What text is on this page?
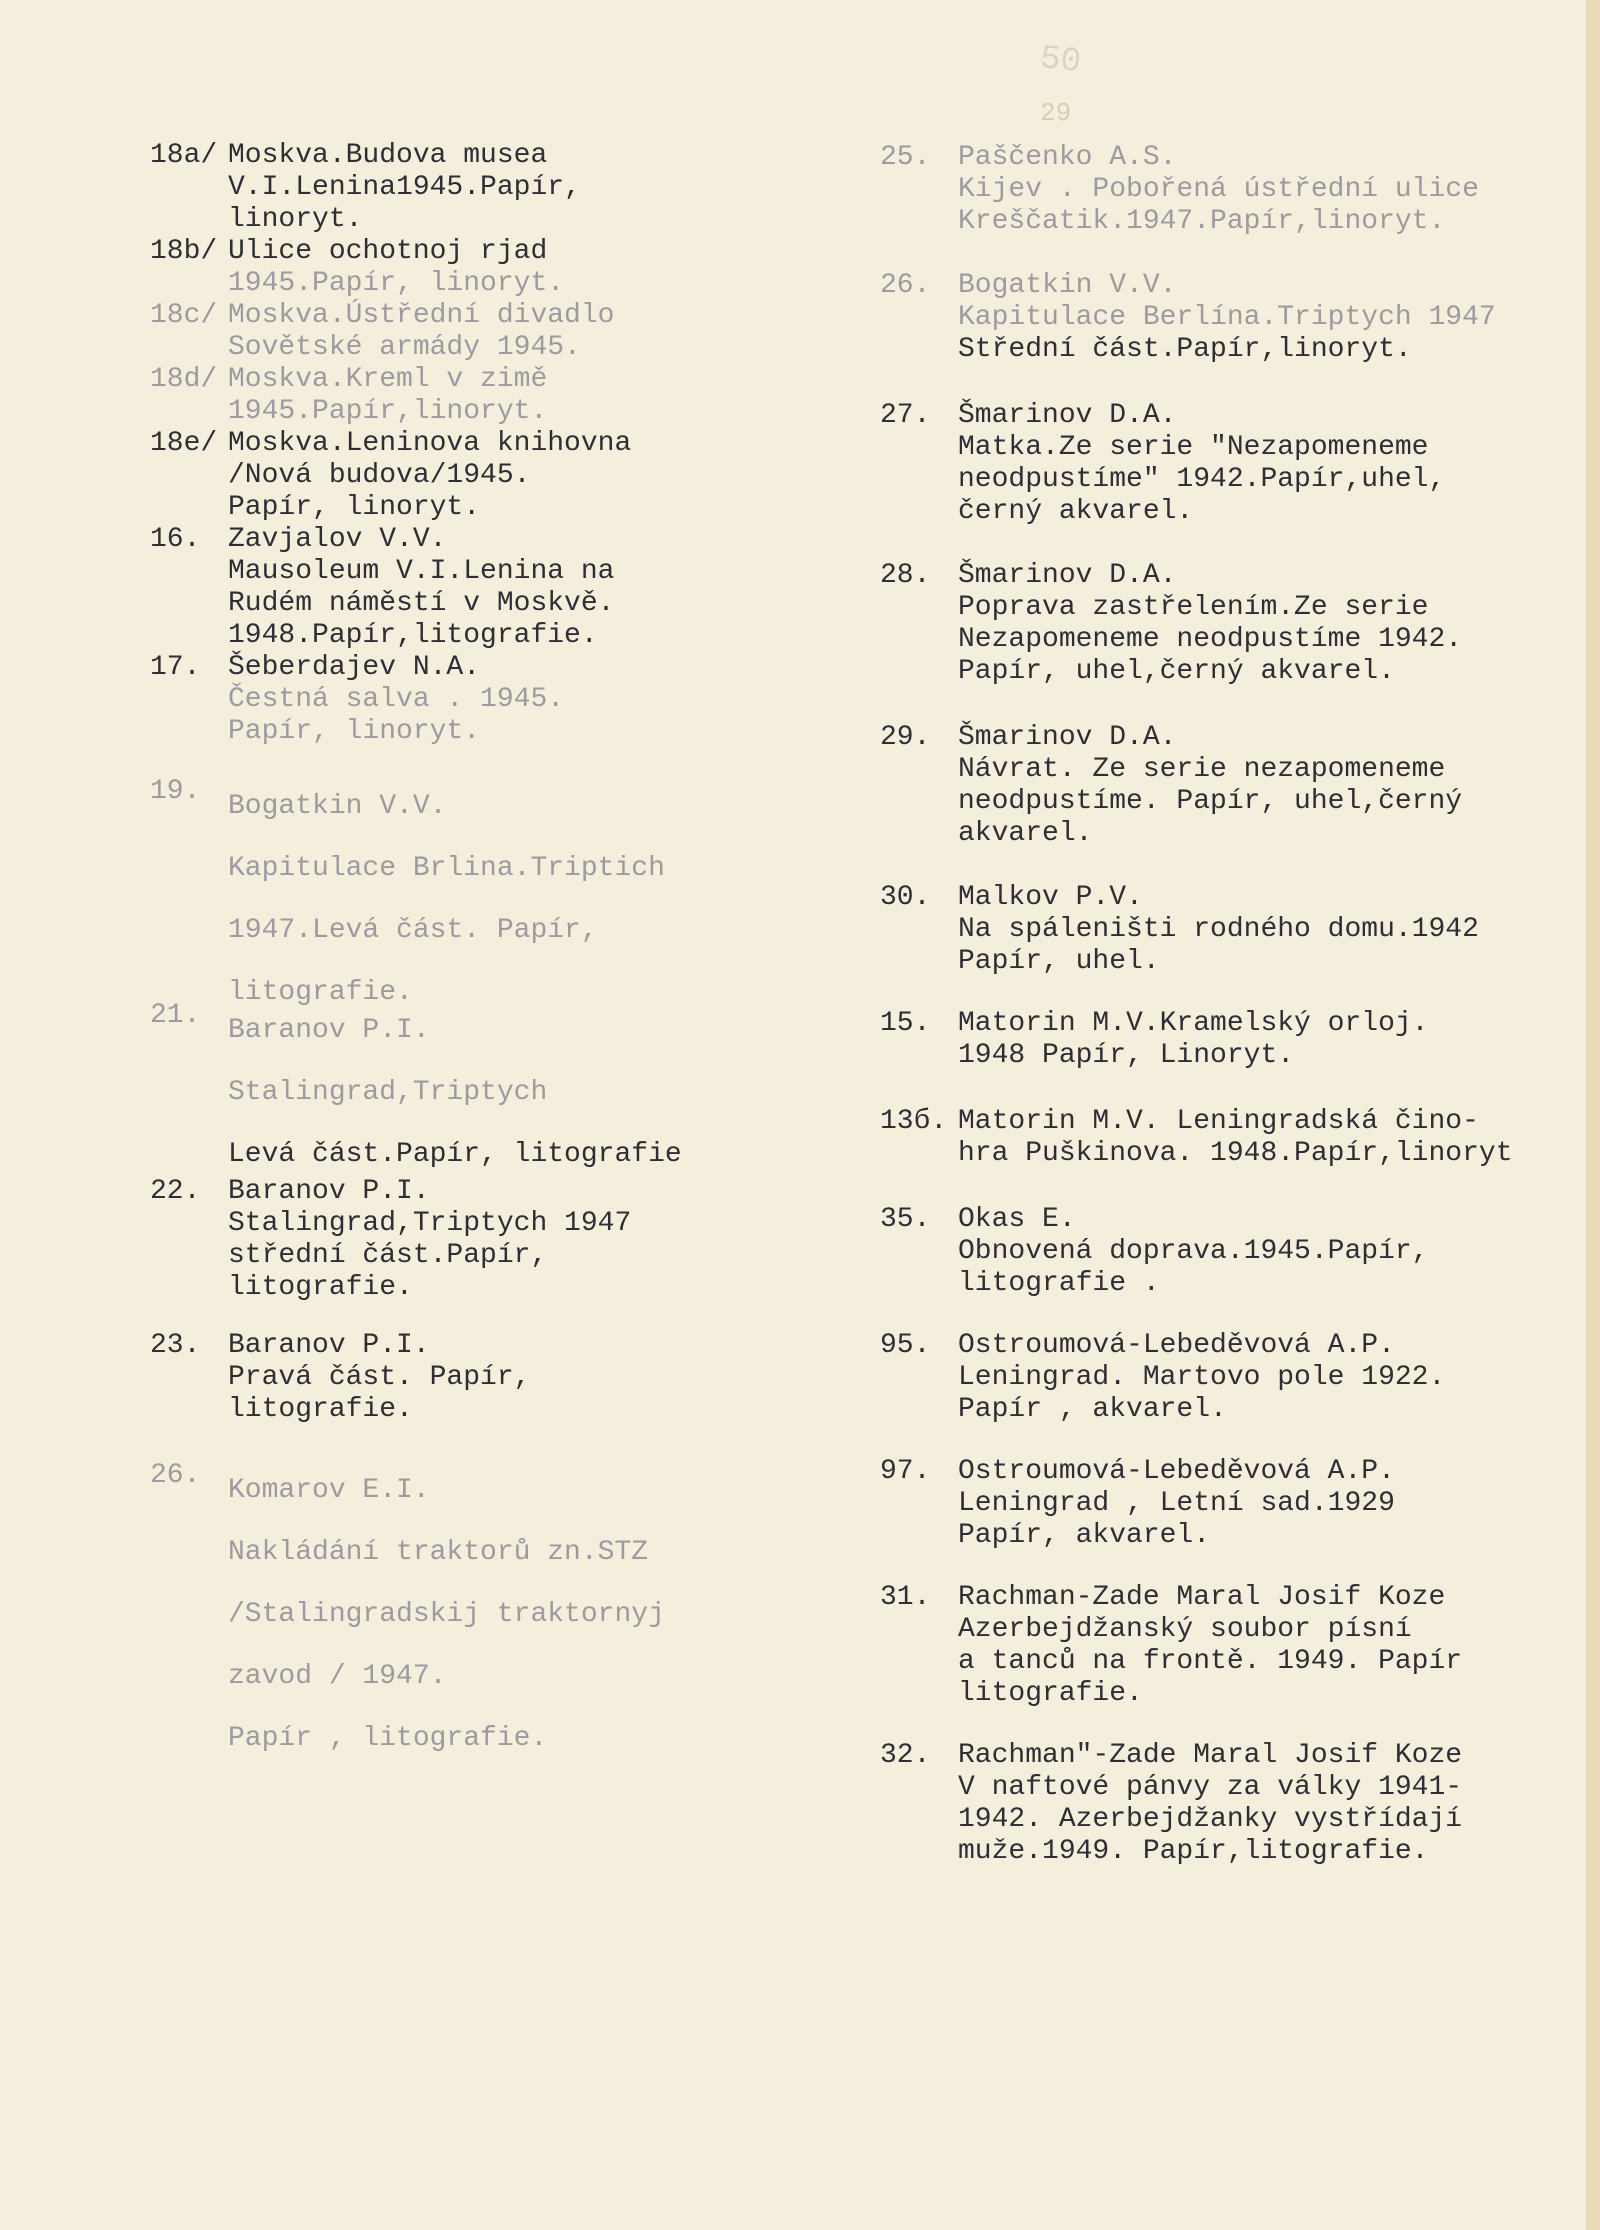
50
29
18a/ Moskva.Budova musea
V.I.Lenina1945.Papír,
linoryt.
18b/ Ulice ochotnoj rjad
1945.Papír, linoryt.
18c/ Moskva.Ústřední divadlo
Sovětské armády 1945.
18d/ Moskva.Kreml v zimě
1945.Papír,linoryt.
18e/ Moskva.Leninova knihovna
/Nová budova/1945.
Papír, linoryt.
16. Zavjalov V.V.
Mausoleum V.I.Lenina na
Rudém náměstí v Moskvě.
1948.Papír,litografie.
17. Šeberdajev N.A.
Čestná salva . 1945.
Papír, linoryt.
19. Bogatkin V.V.
Kapitulace Brlina.Triptich
1947.Levá část. Papír,
litografie.
21. Baranov P.I.
Stalingrad,Triptych
Levá část.Papír, litografie
22. Baranov P.I.
Stalingrad,Triptych 1947
střední část.Papír,
litografie.
23. Baranov P.I.
Pravá část. Papír,
litografie.
26. Komarov E.I.
Nakládání traktorů zn.STZ
/Stalingradskij traktornyj
zavod / 1947.
Papír , litografie.
25. Paščenko A.S.
Kijev . Pobořená ústřední ulice
Kreščatik.1947.Papír,linoryt.
26. Bogatkin V.V.
Kapitulace Berlína.Triptych 1947
Střední část.Papír,linoryt.
27. Šmarinov D.A.
Matka.Ze serie "Nezapomeneme
neodpustíme" 1942.Papír,uhel,
černý akvarel.
28. Šmarinov D.A.
Poprava zastřelením.Ze serie
Nezapomeneme neodpustíme 1942.
Papír, uhel,černý akvarel.
29. Šmarinov D.A.
Návrat. Ze serie nezapomeneme
neodpustíme. Papír, uhel,černý
akvarel.
30. Malkov P.V.
Na spáleništi rodného domu.1942
Papír, uhel.
15. Matorin M.V.Kramelský orloj.
1948 Papír, Linoryt.
13б. Matorin M.V. Leningradská čino-
hra Puškinova. 1948.Papír,linoryt
35. Okas E.
Obnovená doprava.1945.Papír,
litografie .
95. Ostroumová-Lebeděvová A.P.
Leningrad. Martovo pole 1922.
Papír , akvarel.
97. Ostroumová-Lebeděvová A.P.
Leningrad , Letní sad.1929
Papír, akvarel.
31. Rachman-Zade Maral Josif Koze
Azerbejdžanský soubor písní
a tanců na frontě. 1949. Papír
litografie.
32. Rachman"-Zade Maral Josif Koze
V naftové pánvy za války 1941-
1942. Azerbejdžanky vystřídají
muže.1949. Papír,litografie.
